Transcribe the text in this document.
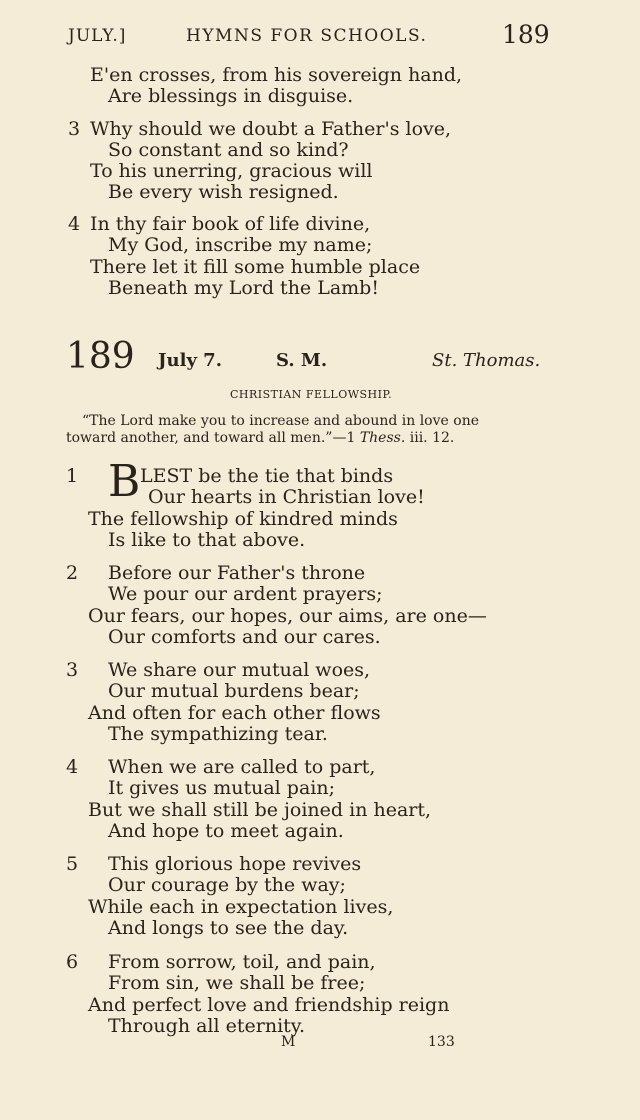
JULY.]	HYMNS FOR SCHOOLS.	189
E'en crosses, from his sovereign hand,
Are blessings in disguise.
3 Why should we doubt a Father's love,
So constant and so kind?
To his unerring, gracious will
Be every wish resigned.
4 In thy fair book of life divine,
My God, inscribe my name;
There let it fill some humble place
Beneath my Lord the Lamb!
189 July 7.	S. M.	St. Thomas.
CHRISTIAN FELLOWSHIP.
“The Lord make you to increase and abound in love one
toward another, and toward all men.”—1 Thess. iii. 12.
1 B LEST be the tie that binds
Our hearts in Christian love!
The fellowship of kindred minds
Is like to that above.
2 Before our Father's throne
We pour our ardent prayers;
Our fears, our hopes, our aims, are one—
Our comforts and our cares.
3 We share our mutual woes,
Our mutual burdens bear;
And often for each other flows
The sympathizing tear.
4 When we are called to part,
It gives us mutual pain;
But we shall still be joined in heart,
And hope to meet again.
5 This glorious hope revives
Our courage by the way;
While each in expectation lives,
And longs to see the day.
6 From sorrow, toil, and pain,
From sin, we shall be free;
And perfect love and friendship reign
Through all eternity.
M	133
